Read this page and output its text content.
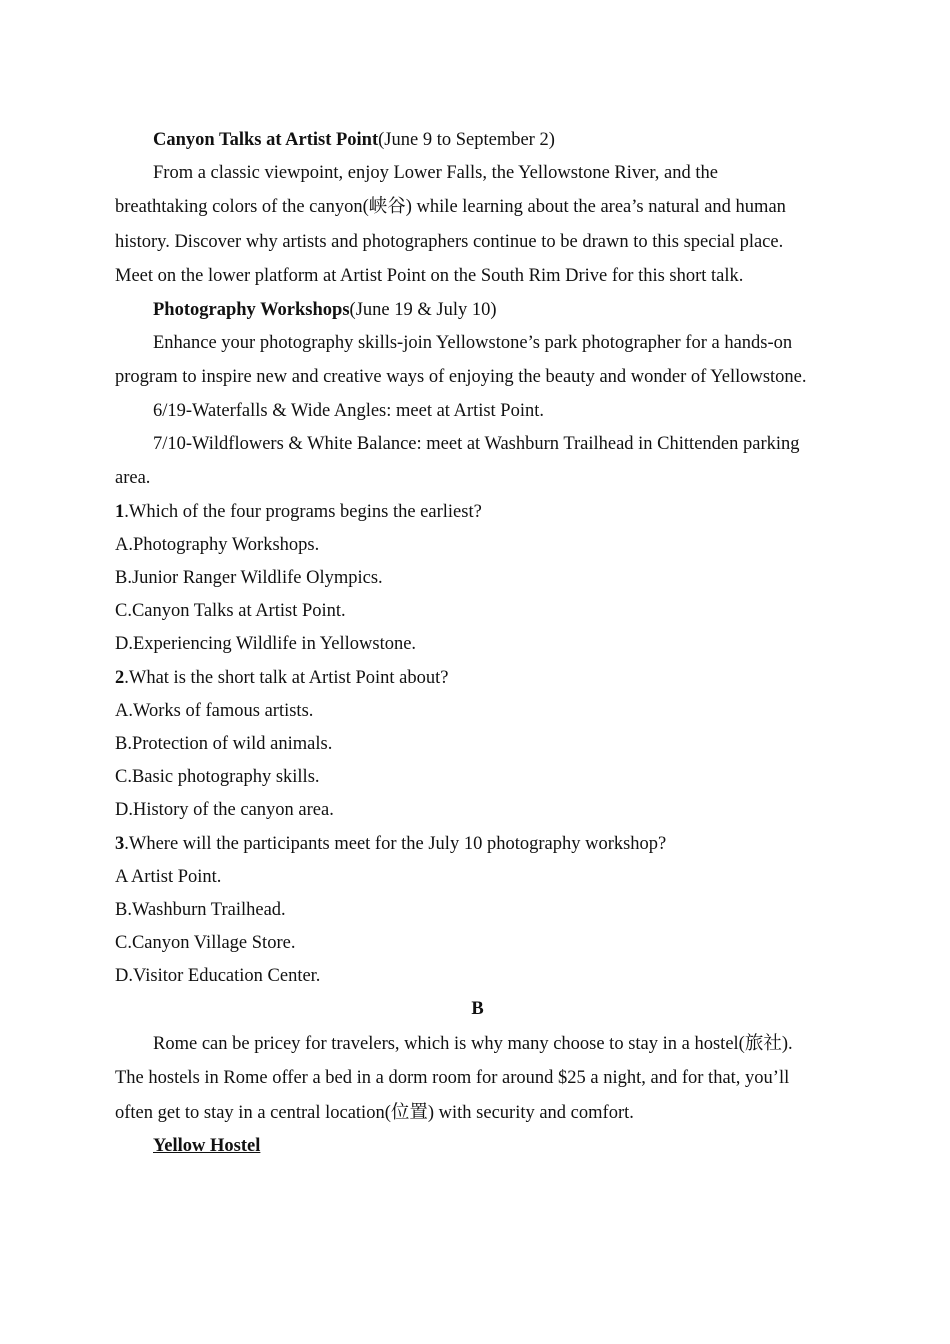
Canyon Talks at Artist Point(June 9 to September 2)

From a classic viewpoint, enjoy Lower Falls, the Yellowstone River, and the

breathtaking colors of the canyon(峡谷) while learning about the area’s natural and human

history. Discover why artists and photographers continue to be drawn to this special place.

Meet on the lower platform at Artist Point on the South Rim Drive for this short talk.

Photography Workshops(June 19 & July 10)

Enhance your photography skills-join Yellowstone’s park photographer for a hands-on

program to inspire new and creative ways of enjoying the beauty and wonder of Yellowstone.

6/19-Waterfalls & Wide Angles: meet at Artist Point.

7/10-Wildflowers & White Balance: meet at Washburn Trailhead in Chittenden parking

area.

1.Which of the four programs begins the earliest?

A.Photography Workshops.

B.Junior Ranger Wildlife Olympics.

C.Canyon Talks at Artist Point.

D.Experiencing Wildlife in Yellowstone.

2.What is the short talk at Artist Point about?

A.Works of famous artists.

B.Protection of wild animals.

C.Basic photography skills.

D.History of the canyon area.

3.Where will the participants meet for the July 10 photography workshop?

A Artist Point.

B.Washburn Trailhead.

C.Canyon Village Store.

D.Visitor Education Center.

B

Rome can be pricey for travelers, which is why many choose to stay in a hostel(旅社).

The hostels in Rome offer a bed in a dorm room for around $25 a night, and for that, you’ll

often get to stay in a central location(位置) with security and comfort.

Yellow Hostel
